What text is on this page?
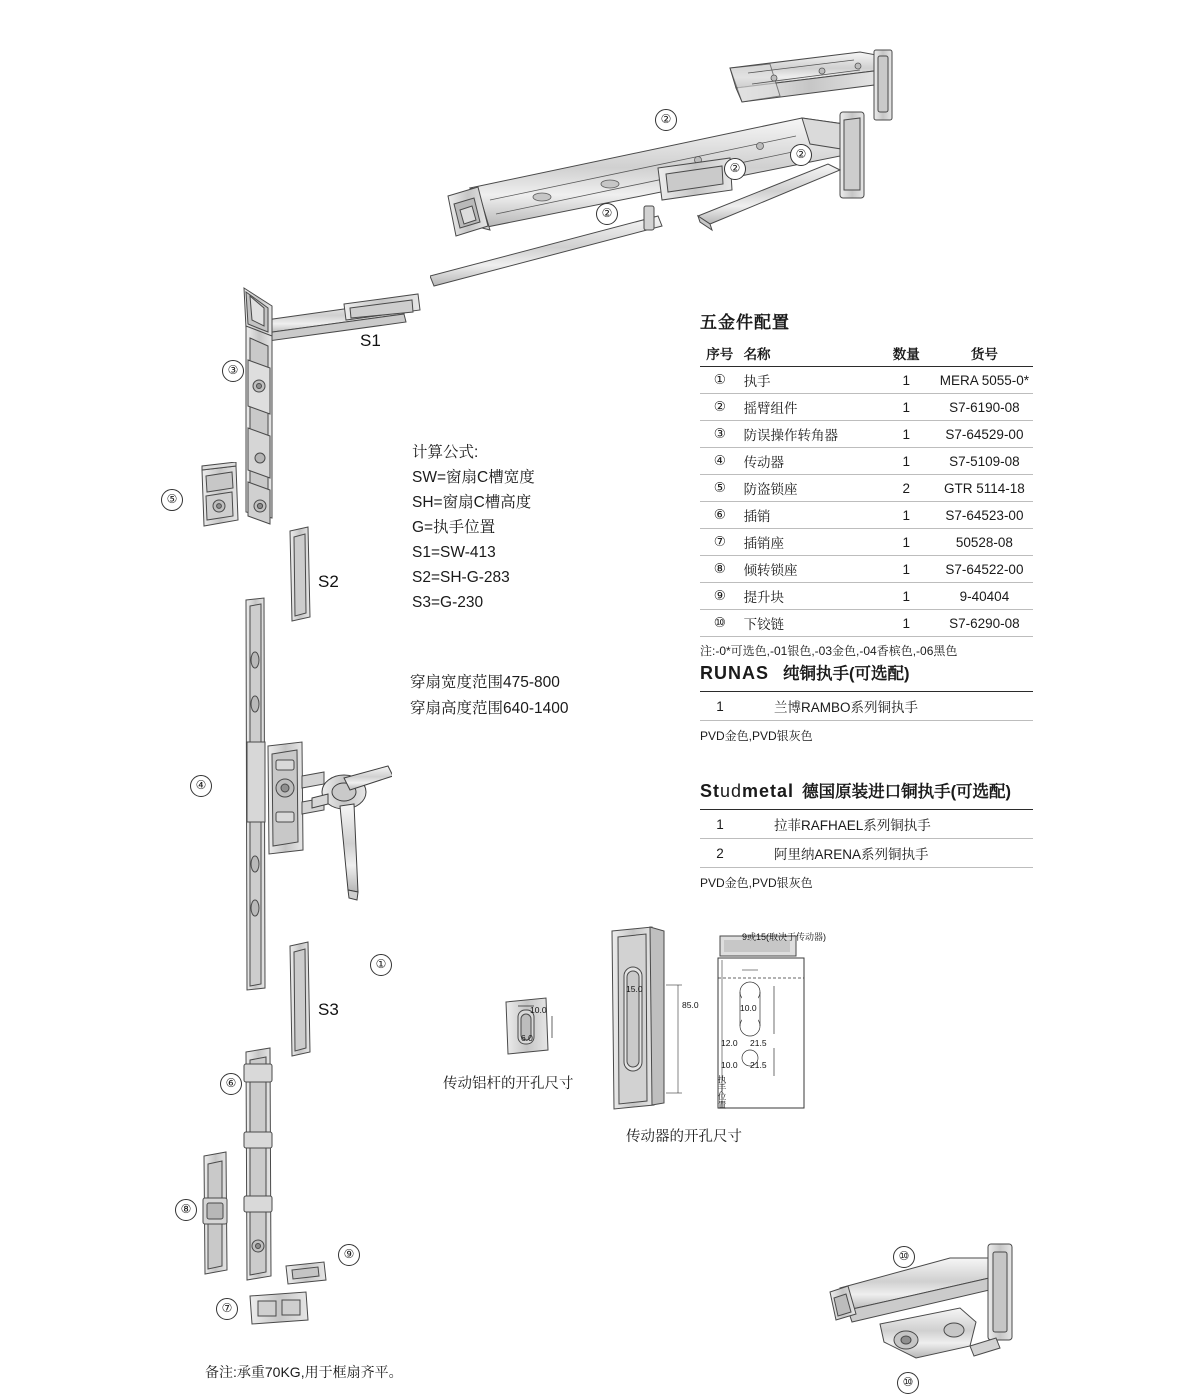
②
②
②
②
③
S1
⑤
S2
④
①
S3
⑥
⑧
⑨
⑦
计算公式:
SW=窗扇C槽宽度
SH=窗扇C槽高度
G=执手位置
S1=SW-413
S2=SH-G-283
S3=G-230
穿扇宽度范围475-800
穿扇高度范围640-1400
五金件配置
序号	名称	数量	货号
①	执手	1	MERA 5055-0*
②	摇臂组件	1	S7-6190-08
③	防误操作转角器	1	S7-64529-00
④	传动器	1	S7-5109-08
⑤	防盗锁座	2	GTR 5114-18
⑥	插销	1	S7-64523-00
⑦	插销座	1	50528-08
⑧	倾转锁座	1	S7-64522-00
⑨	提升块	1	9-40404
⑩	下铰链	1	S7-6290-08
注:-0*可选色,-01银色,-03金色,-04香槟色,-06黑色
RUNAS 纯铜执手(可选配)
1	兰博RAMBO系列铜执手
PVD金色,PVD银灰色
Studmetal 德国原装进口铜执手(可选配)
1	拉菲RAFHAEL系列铜执手
2	阿里纳ARENA系列铜执手
PVD金色,PVD银灰色
10.0
6.0
传动铝杆的开孔尺寸
15.0
85.0
9或15(取决于传动器)
10.0
12.0 21.5
10.0 21.5
执手位置
传动器的开孔尺寸
⑩
⑩
备注:承重70KG,用于框扇齐平。
